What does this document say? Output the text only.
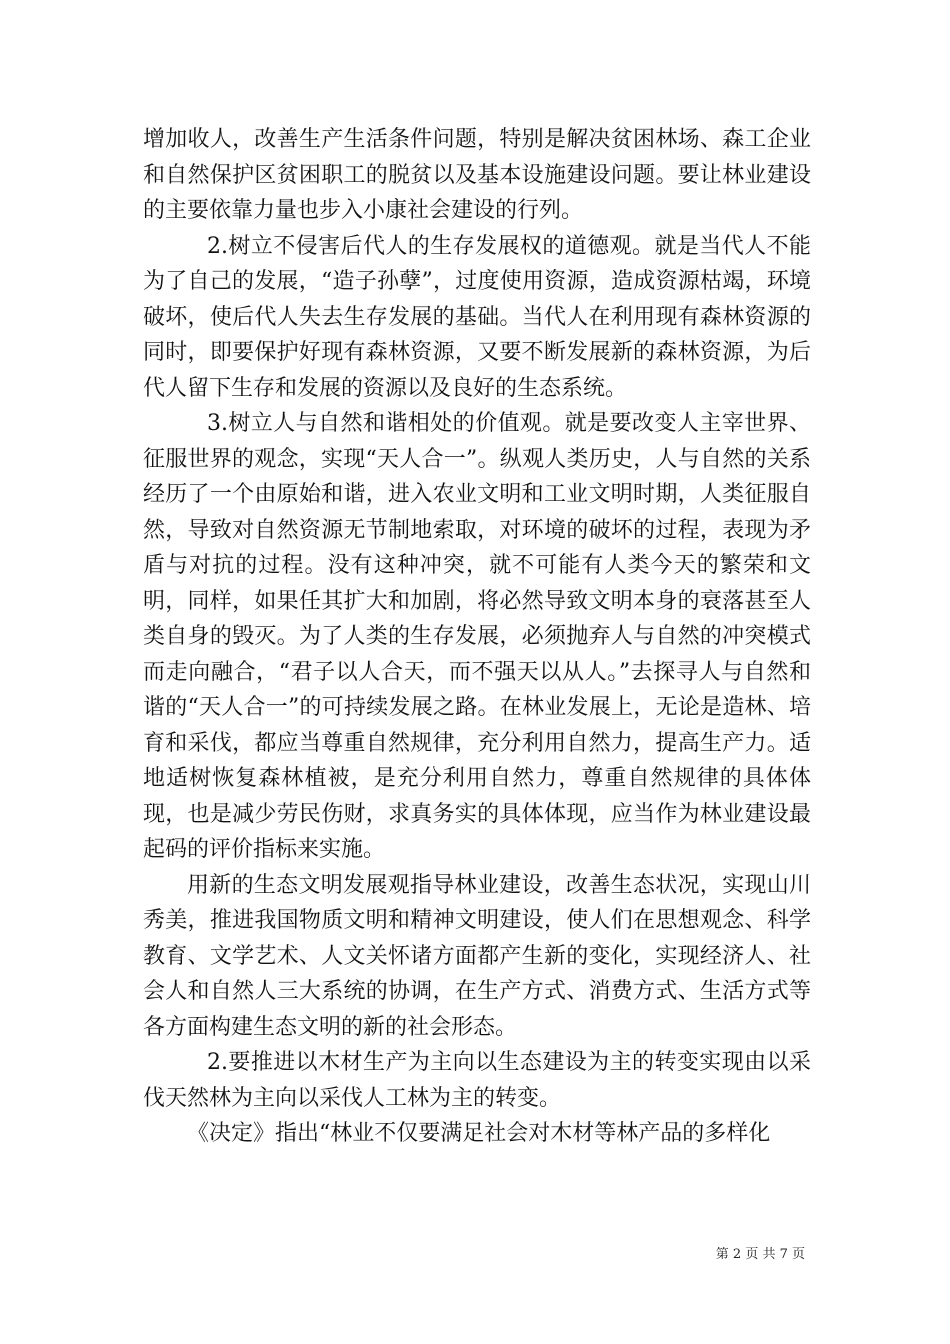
增加收人，改善生产生活条件问题，特别是解决贫困林场、森工企业和自然保护区贫困职工的脱贫以及基本设施建设问题。要让林业建设的主要依靠力量也步入小康社会建设的行列。

2.树立不侵害后代人的生存发展权的道德观。就是当代人不能为了自己的发展，“造子孙孽”，过度使用资源，造成资源枯竭，环境破坏，使后代人失去生存发展的基础。当代人在利用现有森林资源的同时，即要保护好现有森林资源，又要不断发展新的森林资源，为后代人留下生存和发展的资源以及良好的生态系统。

3.树立人与自然和谐相处的价值观。就是要改变人主宰世界、征服世界的观念，实现“天人合一”。纵观人类历史，人与自然的关系经历了一个由原始和谐，进入农业文明和工业文明时期，人类征服自然，导致对自然资源无节制地索取，对环境的破坏的过程，表现为矛盾与对抗的过程。没有这种冲突，就不可能有人类今天的繁荣和文明，同样，如果任其扩大和加剧，将必然导致文明本身的衰落甚至人类自身的毁灭。为了人类的生存发展，必须抛弃人与自然的冲突模式而走向融合，“君子以人合天，而不强天以从人。”去探寻人与自然和谐的“天人合一”的可持续发展之路。在林业发展上，无论是造林、培育和采伐，都应当尊重自然规律，充分利用自然力，提高生产力。适地适树恢复森林植被，是充分利用自然力，尊重自然规律的具体体现，也是减少劳民伤财，求真务实的具体体现，应当作为林业建设最起码的评价指标来实施。

用新的生态文明发展观指导林业建设，改善生态状况，实现山川秀美，推进我国物质文明和精神文明建设，使人们在思想观念、科学教育、文学艺术、人文关怀诸方面都产生新的变化，实现经济人、社会人和自然人三大系统的协调，在生产方式、消费方式、生活方式等各方面构建生态文明的新的社会形态。

2.要推进以木材生产为主向以生态建设为主的转变实现由以采伐天然林为主向以采伐人工林为主的转变。

《决定》指出“林业不仅要满足社会对木材等林产品的多样化

第 2 页 共 7 页
